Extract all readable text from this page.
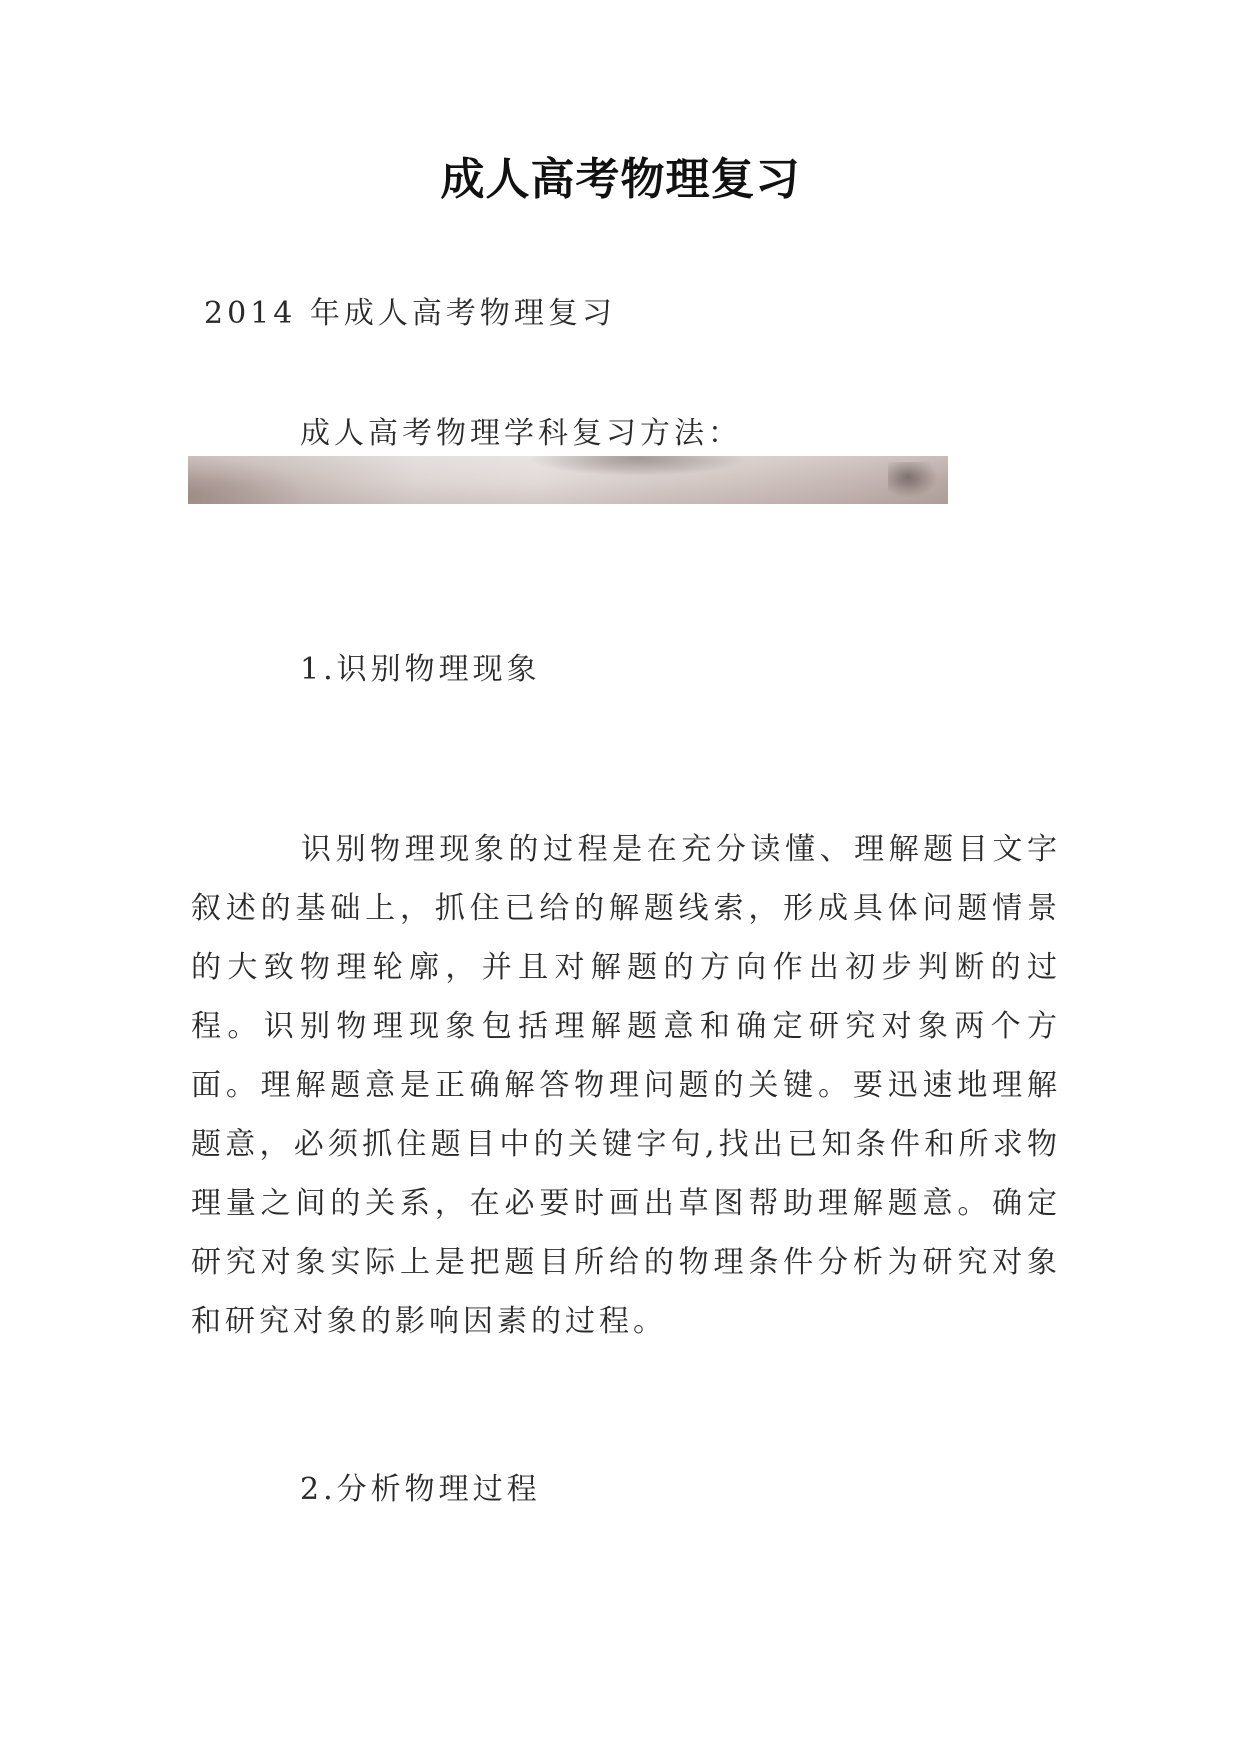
成人高考物理复习

2014 年成人高考物理复习

成人高考物理学科复习方法：

1.识别物理现象

识别物理现象的过程是在充分读懂、理解题目文字叙述的基础上，抓住已给的解题线索，形成具体问题情景的大致物理轮廓，并且对解题的方向作出初步判断的过程。识别物理现象包括理解题意和确定研究对象两个方面。理解题意是正确解答物理问题的关键。要迅速地理解题意，必须抓住题目中的关键字句,找出已知条件和所求物理量之间的关系，在必要时画出草图帮助理解题意。确定研究对象实际上是把题目所给的物理条件分析为研究对象和研究对象的影响因素的过程。

2.分析物理过程
